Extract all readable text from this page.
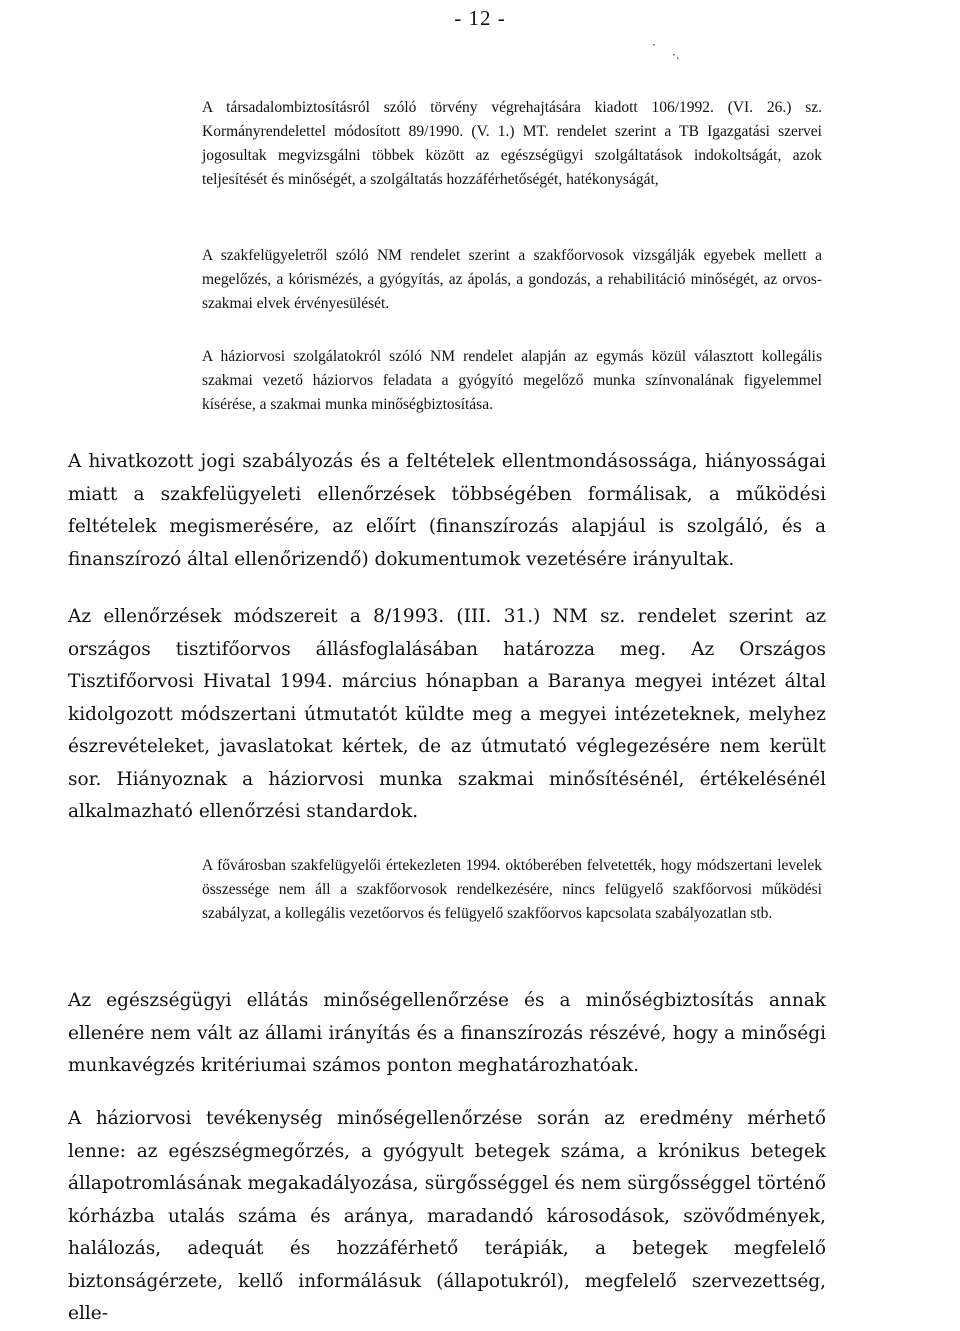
- 12 -
·
·.

A társadalombiztosításról szóló törvény végrehajtására kiadott 106/1992. (VI. 26.) sz. Kormányrendelettel módosított 89/1990. (V. 1.) MT. rendelet szerint a TB Igazgatási szervei jogosultak megvizsgálni többek között az egészségügyi szolgáltatások indokoltságát, azok teljesítését és minőségét, a szolgáltatás hozzáférhetőségét, hatékonyságát,

A szakfelügyeletről szóló NM rendelet szerint a szakfőorvosok vizsgálják egyebek mellett a megelőzés, a kórismézés, a gyógyítás, az ápolás, a gondozás, a rehabilitáció minőségét, az orvos-szakmai elvek érvényesülését.

A háziorvosi szolgálatokról szóló NM rendelet alapján az egymás közül választott kollegális szakmai vezető háziorvos feladata a gyógyító megelőző munka színvonalának figyelemmel kísérése, a szakmai munka minőségbiztosítása.

A hivatkozott jogi szabályozás és a feltételek ellentmondásossága, hiányosságai miatt a szakfelügyeleti ellenőrzések többségében formálisak, a működési feltételek megismerésére, az előírt (finanszírozás alapjául is szolgáló, és a finanszírozó által ellenőrizendő) dokumentumok vezetésére irányultak.

Az ellenőrzések módszereit a 8/1993. (III. 31.) NM sz. rendelet szerint az országos tisztifőorvos állásfoglalásában határozza meg. Az Országos Tisztifőorvosi Hivatal 1994. március hónapban a Baranya megyei intézet által kidolgozott módszertani útmutatót küldte meg a megyei intézeteknek, melyhez észrevételeket, javaslatokat kértek, de az útmutató véglegezésére nem került sor. Hiányoznak a háziorvosi munka szakmai minősítésénél, értékelésénél alkalmazható ellenőrzési standardok.

A fővárosban szakfelügyelői értekezleten 1994. októberében felvetették, hogy módszertani levelek összessége nem áll a szakfőorvosok rendelkezésére, nincs felügyelő szakfőorvosi működési szabályzat, a kollegális vezetőorvos és felügyelő szakfőorvos kapcsolata szabályozatlan stb.

Az egészségügyi ellátás minőségellenőrzése és a minőségbiztosítás annak ellenére nem vált az állami irányítás és a finanszírozás részévé, hogy a minőségi munkavégzés kritériumai számos ponton meghatározhatóak.

A háziorvosi tevékenység minőségellenőrzése során az eredmény mérhető lenne: az egészségmegőrzés, a gyógyult betegek száma, a krónikus betegek állapotromlásának megakadályozása, sürgősséggel és nem sürgősséggel történő kórházba utalás száma és aránya, maradandó károsodások, szövődmények, halálozás, adequát és hozzáférhető terápiák, a betegek megfelelő biztonságérzete, kellő informálásuk (állapotukról), megfelelő szervezettség, elle-
